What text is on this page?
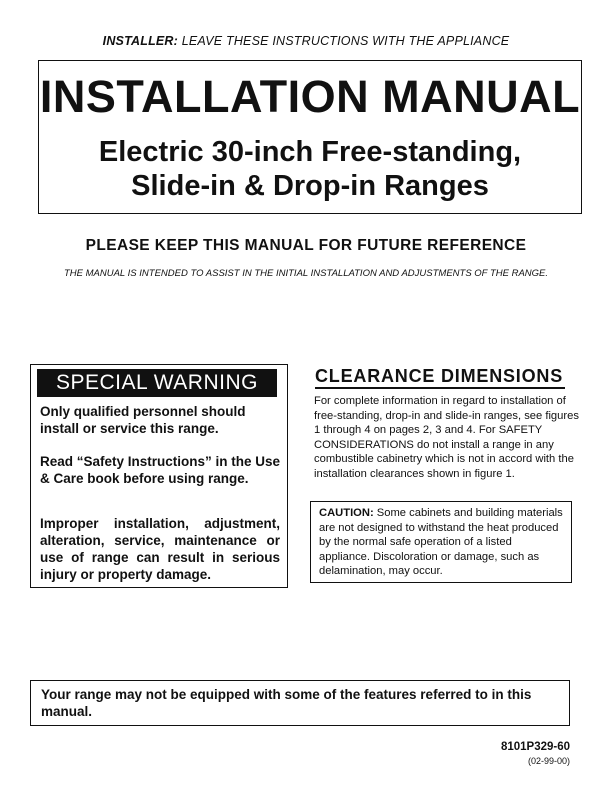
INSTALLER: LEAVE THESE INSTRUCTIONS WITH THE APPLIANCE
INSTALLATION MANUAL
Electric 30-inch Free-standing,
Slide-in & Drop-in Ranges
PLEASE KEEP THIS MANUAL FOR FUTURE REFERENCE
THE MANUAL IS INTENDED TO ASSIST IN THE INITIAL INSTALLATION AND ADJUSTMENTS OF THE RANGE.
SPECIAL WARNING
Only qualified personnel should install or service this range.
Read “Safety Instructions” in the Use & Care book before using range.
Improper installation, adjustment, alteration, service, maintenance or use of range can result in serious injury or property damage.
CLEARANCE DIMENSIONS
For complete information in regard to installation of free-standing, drop-in and slide-in ranges, see figures 1 through 4 on pages 2, 3 and 4. For SAFETY CONSIDERATIONS do not install a range in any combustible cabinetry which is not in accord with the installation clearances shown in figure 1.
CAUTION: Some cabinets and building materials are not designed to withstand the heat produced by the normal safe operation of a listed appliance. Discoloration or damage, such as delamination, may occur.
Your range may not be equipped with some of the features referred to in this manual.
8101P329-60
(02-99-00)
